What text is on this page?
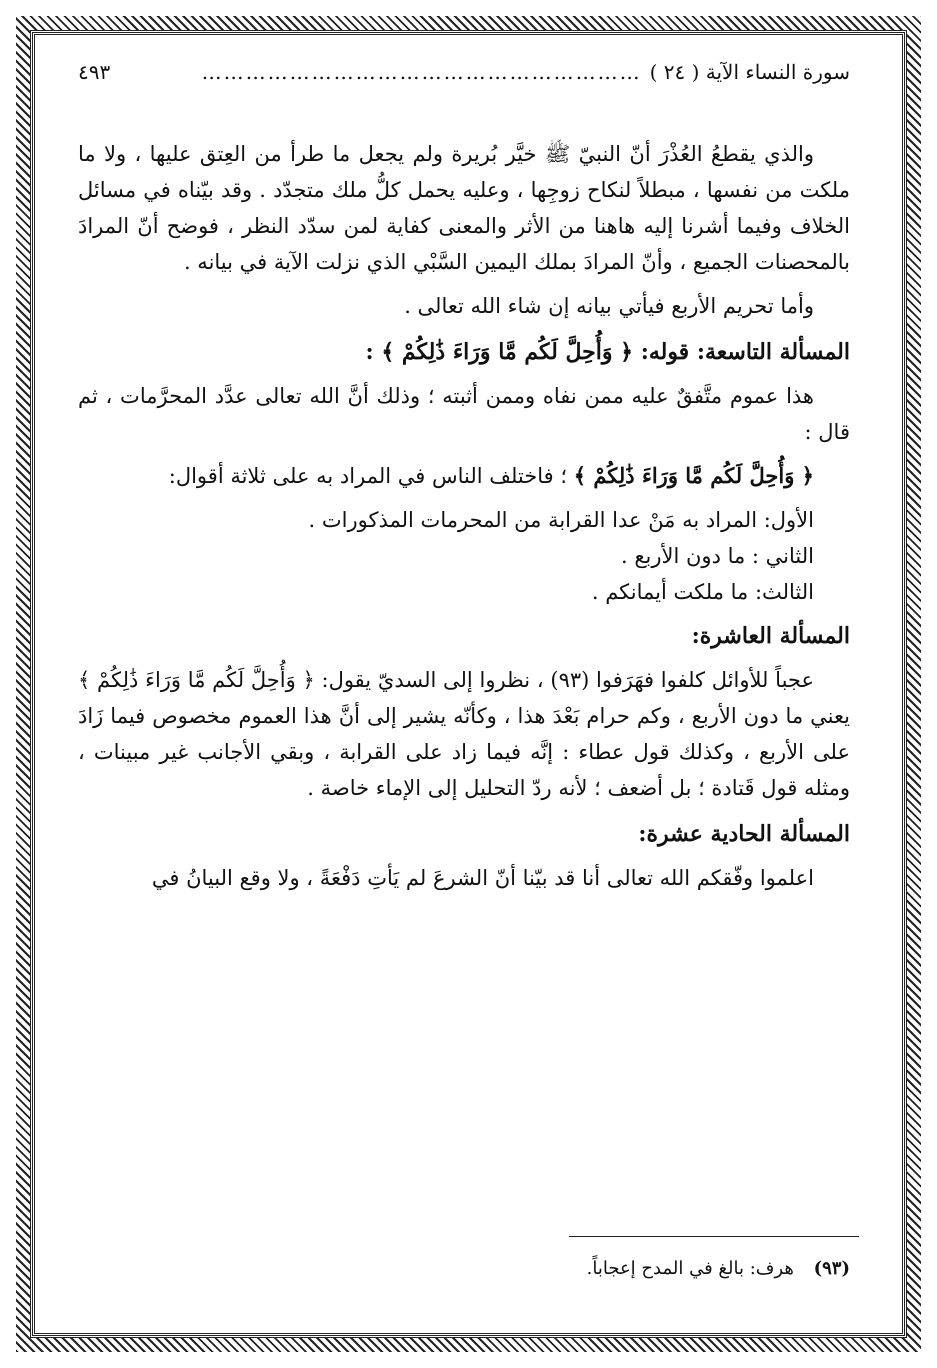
سورة النساء الآية ( ٢٤ )
……………………………………………………
٤٩٣

والذي يقطعُ العُذْرَ أنّ النبيّ ﷺ خيَّر بُريرة ولم يجعل ما طرأ من العِتق عليها ، ولا ما ملكت من نفسها ، مبطلاً لنكاح زوجِها ، وعليه يحمل كلُّ ملك متجدّد . وقد بيّناه في مسائل الخلاف وفيما أشرنا إليه هاهنا من الأثر والمعنى كفاية لمن سدّد النظر ، فوضح أنّ المرادَ بالمحصنات الجميع ، وأنّ المرادَ بملك اليمين السَّبْي الذي نزلت الآية في بيانه .

وأما تحريم الأربع فيأتي بيانه إن شاء الله تعالى .

المسألة التاسعة: قوله: ﴿ وَأُحِلَّ لَكُم مَّا وَرَاءَ ذَٰلِكُمْ ﴾ :

هذا عموم متَّفقٌ عليه ممن نفاه وممن أثبته ؛ وذلك أنَّ الله تعالى عدَّد المحرَّمات ، ثم قال :

﴿ وَأُحِلَّ لَكُم مَّا وَرَاءَ ذَٰلِكُمْ ﴾ ؛ فاختلف الناس في المراد به على ثلاثة أقوال:

الأول: المراد به مَنْ عدا القرابة من المحرمات المذكورات .

الثاني : ما دون الأربع .

الثالث: ما ملكت أيمانكم .

المسألة العاشرة:

عجباً للأوائل كلفوا فهَرَفوا (٩٣) ، نظروا إلى السديّ يقول: ﴿ وَأُحِلَّ لَكُم مَّا وَرَاءَ ذَٰلِكُمْ ﴾ يعني ما دون الأربع ، وكم حرام بَعْدَ هذا ، وكأنّه يشير إلى أنَّ هذا العموم مخصوص فيما زَادَ على الأربع ، وكذلك قول عطاء : إنَّه فيما زاد على القرابة ، وبقي الأجانب غير مبينات ، ومثله قول قَتادة ؛ بل أضعف ؛ لأنه ردّ التحليل إلى الإماء خاصة .

المسألة الحادية عشرة:

اعلموا وفّقكم الله تعالى أنا قد بيّنا أنّ الشرعَ لم يَأتِ دَفْعَةً ، ولا وقع البيانُ في

(٩٣) هرف: بالغ في المدح إعجاباً.
